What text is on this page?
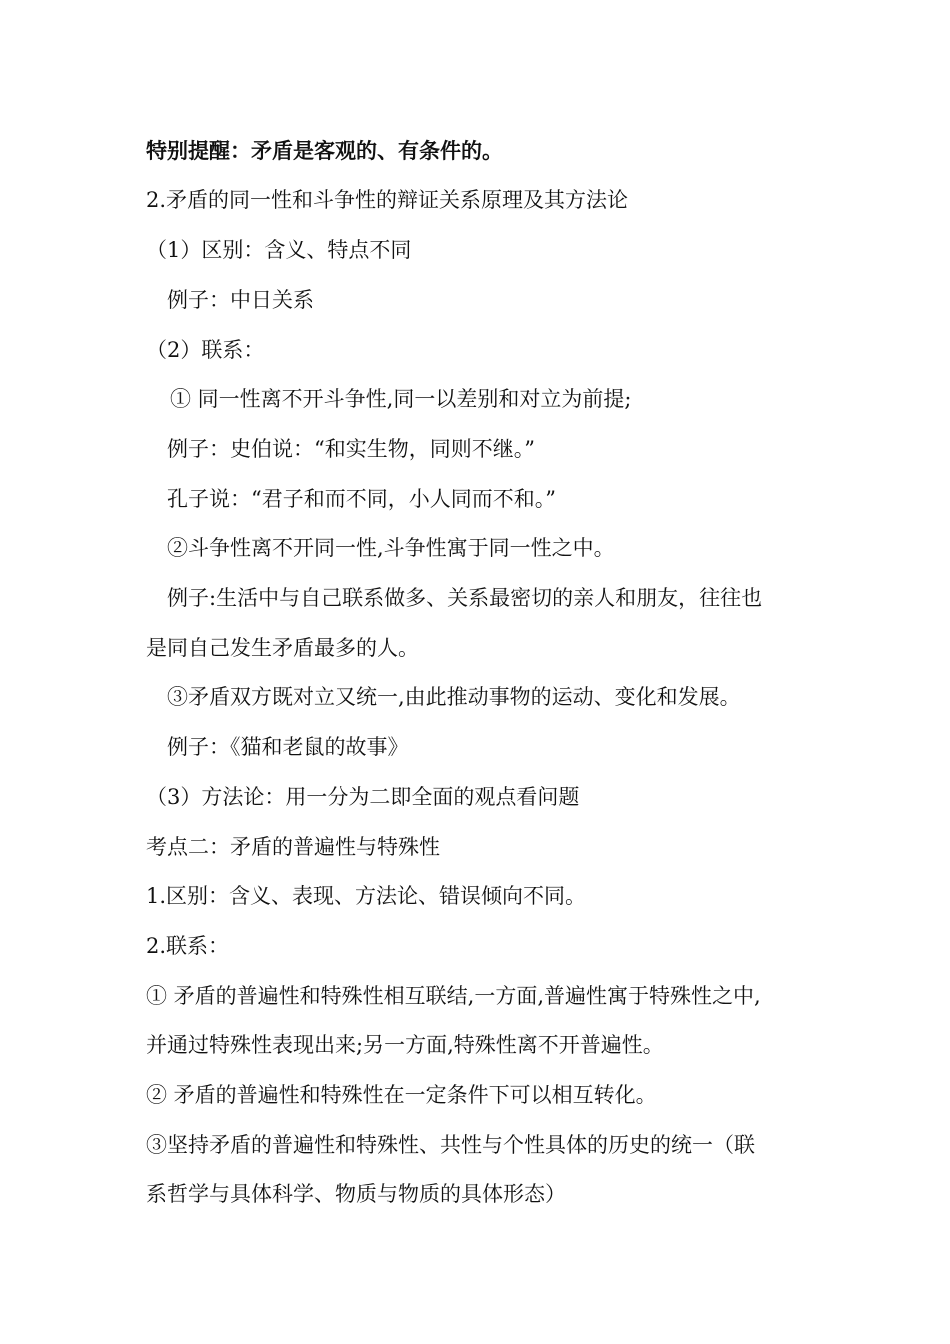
特别提醒：矛盾是客观的、有条件的。
2.矛盾的同一性和斗争性的辩证关系原理及其方法论
（1）区别：含义、特点不同
例子：中日关系
（2）联系：
① 同一性离不开斗争性,同一以差别和对立为前提;
例子：史伯说：“和实生物，同则不继。”
孔子说：“君子和而不同，小人同而不和。”
②斗争性离不开同一性,斗争性寓于同一性之中。
例子:生活中与自己联系做多、关系最密切的亲人和朋友，往往也
是同自己发生矛盾最多的人。
③矛盾双方既对立又统一,由此推动事物的运动、变化和发展。
例子：《猫和老鼠的故事》
（3）方法论：用一分为二即全面的观点看问题
考点二：矛盾的普遍性与特殊性
1.区别：含义、表现、方法论、错误倾向不同。
2.联系：
① 矛盾的普遍性和特殊性相互联结,一方面,普遍性寓于特殊性之中,
并通过特殊性表现出来;另一方面,特殊性离不开普遍性。
② 矛盾的普遍性和特殊性在一定条件下可以相互转化。
③坚持矛盾的普遍性和特殊性、共性与个性具体的历史的统一（联
系哲学与具体科学、物质与物质的具体形态）
